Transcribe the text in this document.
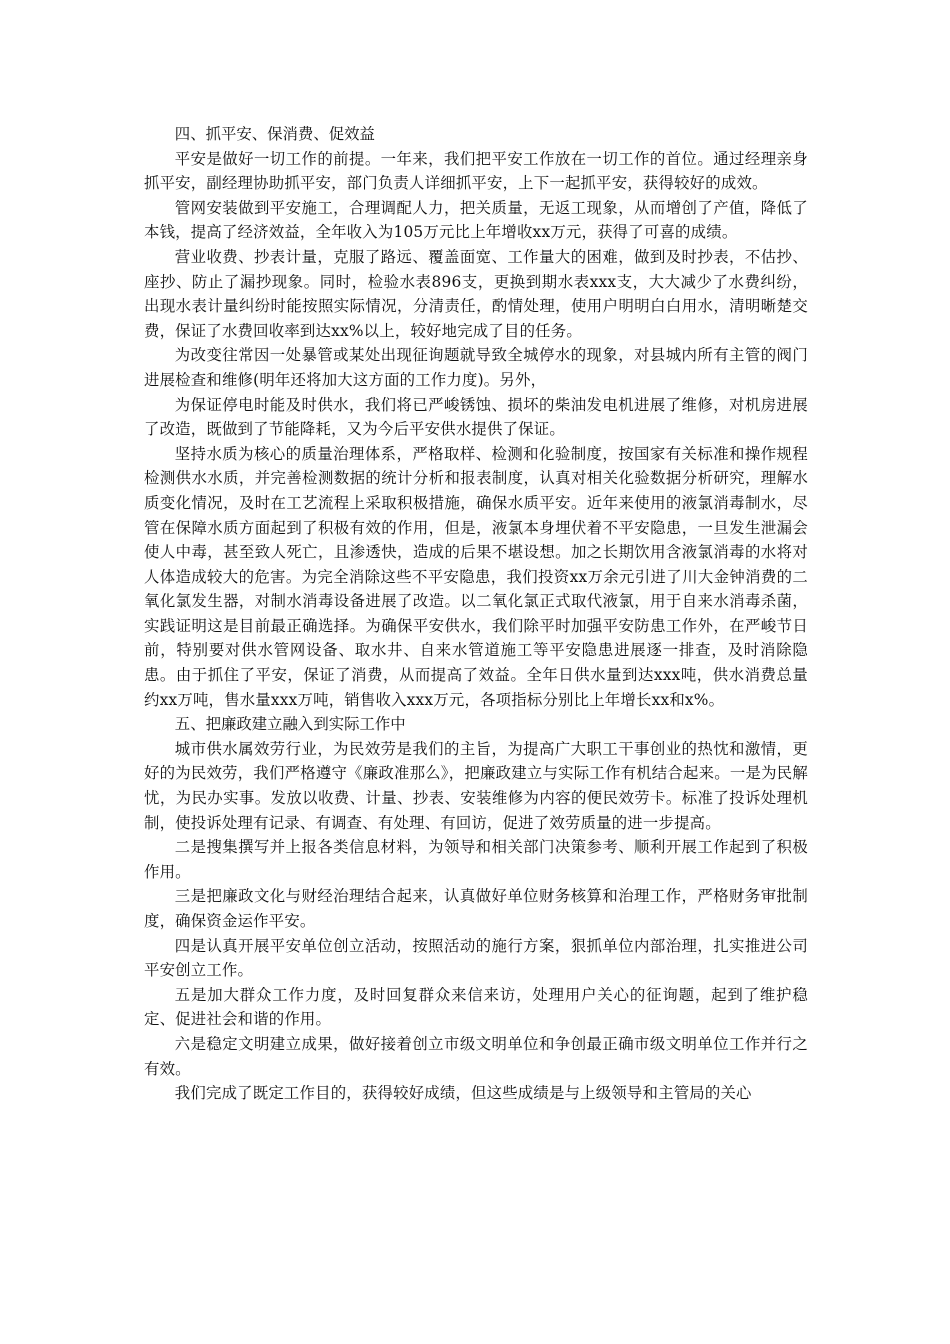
四、抓平安、保消费、促效益

平安是做好一切工作的前提。一年来，我们把平安工作放在一切工作的首位。通过经理亲身抓平安，副经理协助抓平安，部门负责人详细抓平安，上下一起抓平安，获得较好的成效。

管网安装做到平安施工，合理调配人力，把关质量，无返工现象，从而增创了产值，降低了本钱，提高了经济效益，全年收入为105万元比上年增收xx万元，获得了可喜的成绩。

营业收费、抄表计量，克服了路远、覆盖面宽、工作量大的困难，做到及时抄表，不估抄、座抄、防止了漏抄现象。同时，检验水表896支，更换到期水表xxx支，大大减少了水费纠纷，出现水表计量纠纷时能按照实际情况，分清责任，酌情处理，使用户明明白白用水，清明晰楚交费，保证了水费回收率到达xx%以上，较好地完成了目的任务。

为改变往常因一处暴管或某处出现征询题就导致全城停水的现象，对县城内所有主管的阀门进展检查和维修(明年还将加大这方面的工作力度)。另外，

为保证停电时能及时供水，我们将已严峻锈蚀、损坏的柴油发电机进展了维修，对机房进展了改造，既做到了节能降耗，又为今后平安供水提供了保证。

坚持水质为核心的质量治理体系，严格取样、检测和化验制度，按国家有关标准和操作规程检测供水水质，并完善检测数据的统计分析和报表制度，认真对相关化验数据分析研究，理解水质变化情况，及时在工艺流程上采取积极措施，确保水质平安。近年来使用的液氯消毒制水，尽管在保障水质方面起到了积极有效的作用，但是，液氯本身埋伏着不平安隐患，一旦发生泄漏会使人中毒，甚至致人死亡，且渗透快，造成的后果不堪设想。加之长期饮用含液氯消毒的水将对人体造成较大的危害。为完全消除这些不平安隐患，我们投资xx万余元引进了川大金钟消费的二氧化氯发生器，对制水消毒设备进展了改造。以二氧化氯正式取代液氯，用于自来水消毒杀菌，实践证明这是目前最正确选择。为确保平安供水，我们除平时加强平安防患工作外，在严峻节日前，特别要对供水管网设备、取水井、自来水管道施工等平安隐患进展逐一排查，及时消除隐患。由于抓住了平安，保证了消费，从而提高了效益。全年日供水量到达xxx吨，供水消费总量约xx万吨，售水量xxx万吨，销售收入xxx万元，各项指标分别比上年增长xx和x%。

五、把廉政建立融入到实际工作中

城市供水属效劳行业，为民效劳是我们的主旨，为提高广大职工干事创业的热忱和激情，更好的为民效劳，我们严格遵守《廉政准那么》，把廉政建立与实际工作有机结合起来。一是为民解忧，为民办实事。发放以收费、计量、抄表、安装维修为内容的便民效劳卡。标准了投诉处理机制，使投诉处理有记录、有调查、有处理、有回访，促进了效劳质量的进一步提高。

二是搜集撰写并上报各类信息材料，为领导和相关部门决策参考、顺利开展工作起到了积极作用。

三是把廉政文化与财经治理结合起来，认真做好单位财务核算和治理工作，严格财务审批制度，确保资金运作平安。

四是认真开展平安单位创立活动，按照活动的施行方案，狠抓单位内部治理，扎实推进公司平安创立工作。

五是加大群众工作力度，及时回复群众来信来访，处理用户关心的征询题，起到了维护稳定、促进社会和谐的作用。

六是稳定文明建立成果，做好接着创立市级文明单位和争创最正确市级文明单位工作并行之有效。

我们完成了既定工作目的，获得较好成绩，但这些成绩是与上级领导和主管局的关心
